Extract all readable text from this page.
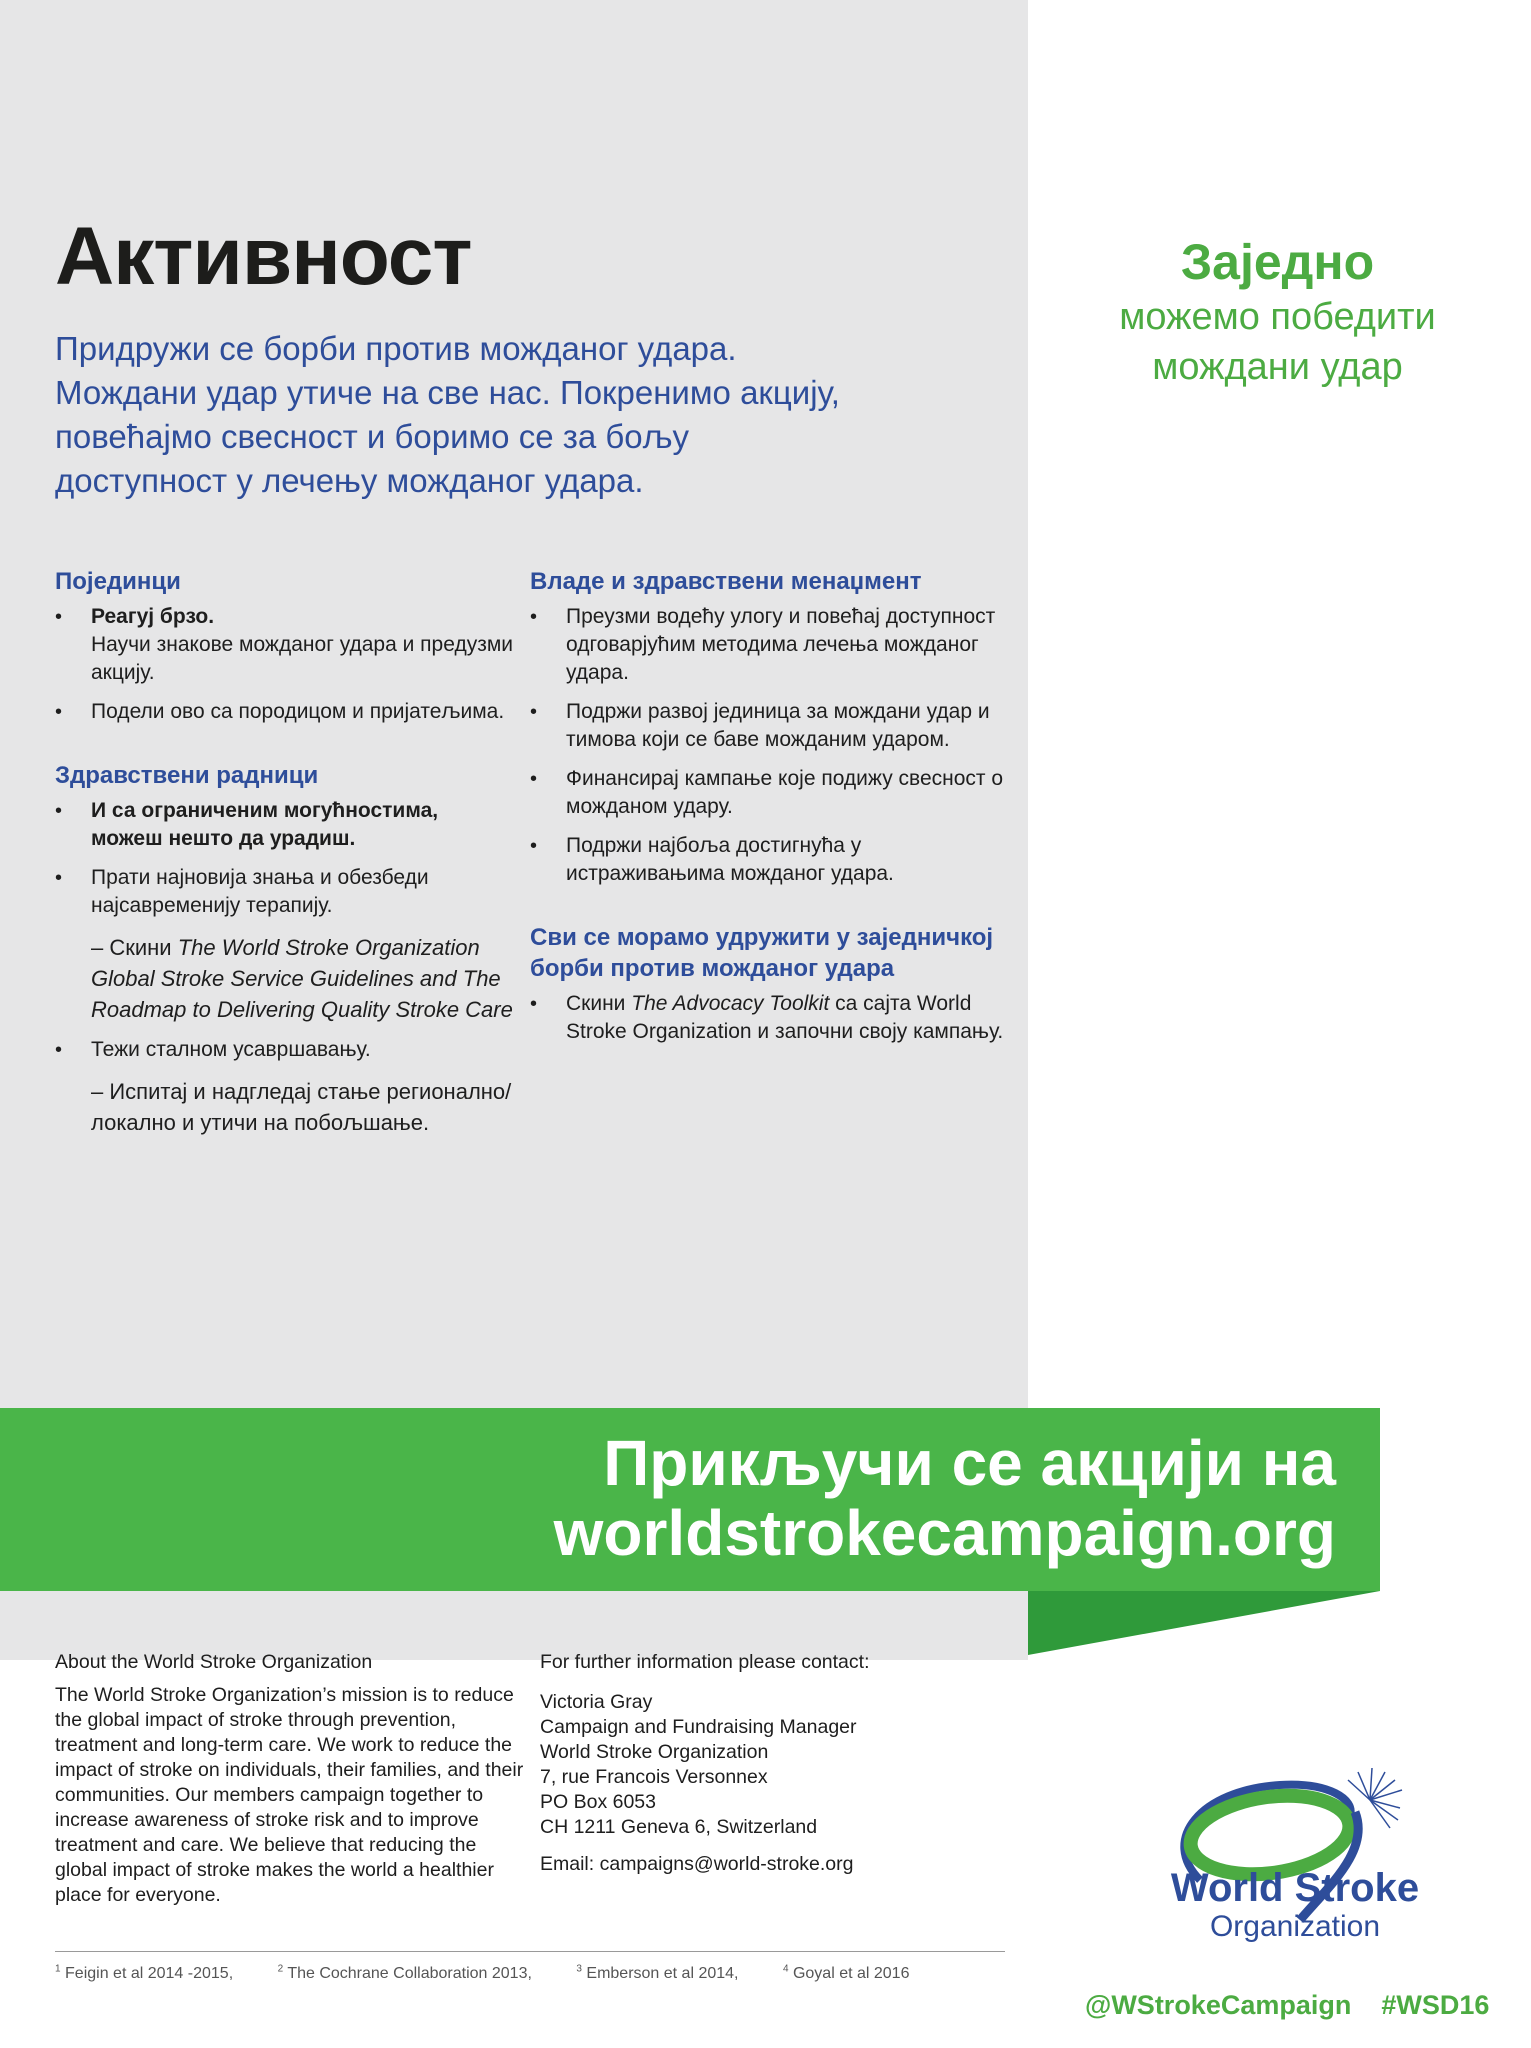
Активност
Придружи се борби против можданог удара.
Мождани удар утиче на све нас. Покренимо акцију,
повећајмо свесност и боримо се за бољу
доступност у лечењу можданог удара.
Заједно
можемо победити
мождани удар
Појединци
• Реагуј брзо.
Научи знакове можданог удара и предузми акцију.
• Подели ово са породицом и пријатељима.
Здравствени радници
• И са ограниченим могућностима, можеш нешто да урадиш.
• Прати најновија знања и обезбеди најсавременију терапију.
– Скини The World Stroke Organization Global Stroke Service Guidelines and The Roadmap to Delivering Quality Stroke Care
• Тежи сталном усавршавању.
– Испитај и надгледај стање регионално/ локално и утичи на побољшање.
Владе и здравствени менаџмент
• Преузми водећу улогу и повећај доступност одговарјућим методима лечења можданог удара.
• Подржи развој јединица за мождани удар и тимова који се баве можданим ударом.
• Финансирај кампање које подижу свесност о можданом удару.
• Подржи најбоља достигнућа у истраживањима можданог удара.
Сви се морамо удружити у заједничкој борби против можданог удара
• Скини The Advocacy Toolkit са сајта World Stroke Organization и започни своју кампању.
Прикључи се акцији на
worldstrokecampaign.org
About the World Stroke Organization
The World Stroke Organization’s mission is to reduce the global impact of stroke through prevention, treatment and long-term care. We work to reduce the impact of stroke on individuals, their families, and their communities. Our members campaign together to increase awareness of stroke risk and to improve treatment and care. We believe that reducing the global impact of stroke makes the world a healthier place for everyone.
For further information please contact:
Victoria Gray
Campaign and Fundraising Manager
World Stroke Organization
7, rue Francois Versonnex
PO Box 6053
CH 1211 Geneva 6, Switzerland
Email: campaigns@world-stroke.org
$^1$ Feigin et al 2014 -2015,	$^2$ The Cochrane Collaboration 2013,	$^3$ Emberson et al 2014,	$^4$ Goyal et al 2016
World Stroke
Organization
@WStrokeCampaign #WSD16
